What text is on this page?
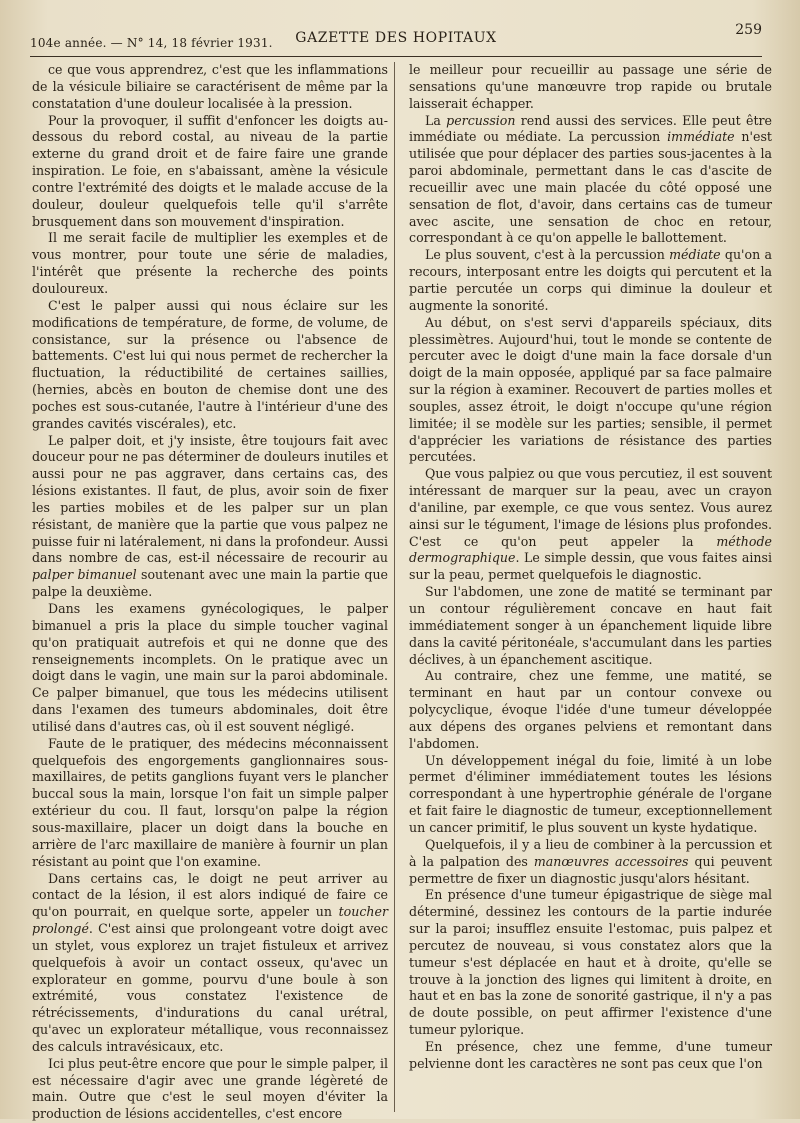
104e année. — N° 14, 18 février 1931.	GAZETTE DES HOPITAUX	259

ce que vous apprendrez, c'est que les inflammations de la vésicule biliaire se caractérisent de même par la constatation d'une douleur localisée à la pression.

Pour la provoquer, il suffit d'enfoncer les doigts au-dessous du rebord costal, au niveau de la partie externe du grand droit et de faire faire une grande inspiration. Le foie, en s'abaissant, amène la vésicule contre l'extrémité des doigts et le malade accuse de la douleur, douleur quelquefois telle qu'il s'arrête brusquement dans son mouvement d'inspiration.

Il me serait facile de multiplier les exemples et de vous montrer, pour toute une série de maladies, l'intérêt que présente la recherche des points douloureux.

C'est le palper aussi qui nous éclaire sur les modifications de température, de forme, de volume, de consistance, sur la présence ou l'absence de battements. C'est lui qui nous permet de rechercher la fluctuation, la réductibilité de certaines saillies, (hernies, abcès en bouton de chemise dont une des poches est sous-cutanée, l'autre à l'intérieur d'une des grandes cavités viscérales), etc.

Le palper doit, et j'y insiste, être toujours fait avec douceur pour ne pas déterminer de douleurs inutiles et aussi pour ne pas aggraver, dans certains cas, des lésions existantes. Il faut, de plus, avoir soin de fixer les parties mobiles et de les palper sur un plan résistant, de manière que la partie que vous palpez ne puisse fuir ni latéralement, ni dans la profondeur. Aussi dans nombre de cas, est-il nécessaire de recourir au palper bimanuel soutenant avec une main la partie que palpe la deuxième.

Dans les examens gynécologiques, le palper bimanuel a pris la place du simple toucher vaginal qu'on pratiquait autrefois et qui ne donne que des renseignements incomplets. On le pratique avec un doigt dans le vagin, une main sur la paroi abdominale. Ce palper bimanuel, que tous les médecins utilisent dans l'examen des tumeurs abdominales, doit être utilisé dans d'autres cas, où il est souvent négligé.

Faute de le pratiquer, des médecins méconnaissent quelquefois des engorgements ganglionnaires sous-maxillaires, de petits ganglions fuyant vers le plancher buccal sous la main, lorsque l'on fait un simple palper extérieur du cou. Il faut, lorsqu'on palpe la région sous-maxillaire, placer un doigt dans la bouche en arrière de l'arc maxillaire de manière à fournir un plan résistant au point que l'on examine.

Dans certains cas, le doigt ne peut arriver au contact de la lésion, il est alors indiqué de faire ce qu'on pourrait, en quelque sorte, appeler un toucher prolongé. C'est ainsi que prolongeant votre doigt avec un stylet, vous explorez un trajet fistuleux et arrivez quelquefois à avoir un contact osseux, qu'avec un explorateur en gomme, pourvu d'une boule à son extrémité, vous constatez l'existence de rétrécissements, d'indurations du canal urétral, qu'avec un explorateur métallique, vous reconnaissez des calculs intravésicaux, etc.

Ici plus peut-être encore que pour le simple palper, il est nécessaire d'agir avec une grande légèreté de main. Outre que c'est le seul moyen d'éviter la production de lésions accidentelles, c'est encore

le meilleur pour recueillir au passage une série de sensations qu'une manœuvre trop rapide ou brutale laisserait échapper.

La percussion rend aussi des services. Elle peut être immédiate ou médiate. La percussion immédiate n'est utilisée que pour déplacer des parties sous-jacentes à la paroi abdominale, permettant dans le cas d'ascite de recueillir avec une main placée du côté opposé une sensation de flot, d'avoir, dans certains cas de tumeur avec ascite, une sensation de choc en retour, correspondant à ce qu'on appelle le ballottement.

Le plus souvent, c'est à la percussion médiate qu'on a recours, interposant entre les doigts qui percutent et la partie percutée un corps qui diminue la douleur et augmente la sonorité.

Au début, on s'est servi d'appareils spéciaux, dits plessimètres. Aujourd'hui, tout le monde se contente de percuter avec le doigt d'une main la face dorsale d'un doigt de la main opposée, appliqué par sa face palmaire sur la région à examiner. Recouvert de parties molles et souples, assez étroit, le doigt n'occupe qu'une région limitée; il se modèle sur les parties; sensible, il permet d'apprécier les variations de résistance des parties percutées.

Que vous palpiez ou que vous percutiez, il est souvent intéressant de marquer sur la peau, avec un crayon d'aniline, par exemple, ce que vous sentez. Vous aurez ainsi sur le tégument, l'image de lésions plus profondes. C'est ce qu'on peut appeler la méthode dermographique. Le simple dessin, que vous faites ainsi sur la peau, permet quelquefois le diagnostic.

Sur l'abdomen, une zone de matité se terminant par un contour régulièrement concave en haut fait immédiatement songer à un épanchement liquide libre dans la cavité péritonéale, s'accumulant dans les parties déclives, à un épanchement ascitique.

Au contraire, chez une femme, une matité, se terminant en haut par un contour convexe ou polycyclique, évoque l'idée d'une tumeur développée aux dépens des organes pelviens et remontant dans l'abdomen.

Un développement inégal du foie, limité à un lobe permet d'éliminer immédiatement toutes les lésions correspondant à une hypertrophie générale de l'organe et fait faire le diagnostic de tumeur, exceptionnellement un cancer primitif, le plus souvent un kyste hydatique.

Quelquefois, il y a lieu de combiner à la percussion et à la palpation des manœuvres accessoires qui peuvent permettre de fixer un diagnostic jusqu'alors hésitant.

En présence d'une tumeur épigastrique de siège mal déterminé, dessinez les contours de la partie indurée sur la paroi; insufflez ensuite l'estomac, puis palpez et percutez de nouveau, si vous constatez alors que la tumeur s'est déplacée en haut et à droite, qu'elle se trouve à la jonction des lignes qui limitent à droite, en haut et en bas la zone de sonorité gastrique, il n'y a pas de doute possible, on peut affirmer l'existence d'une tumeur pylorique.

En présence, chez une femme, d'une tumeur pelvienne dont les caractères ne sont pas ceux que l'on
